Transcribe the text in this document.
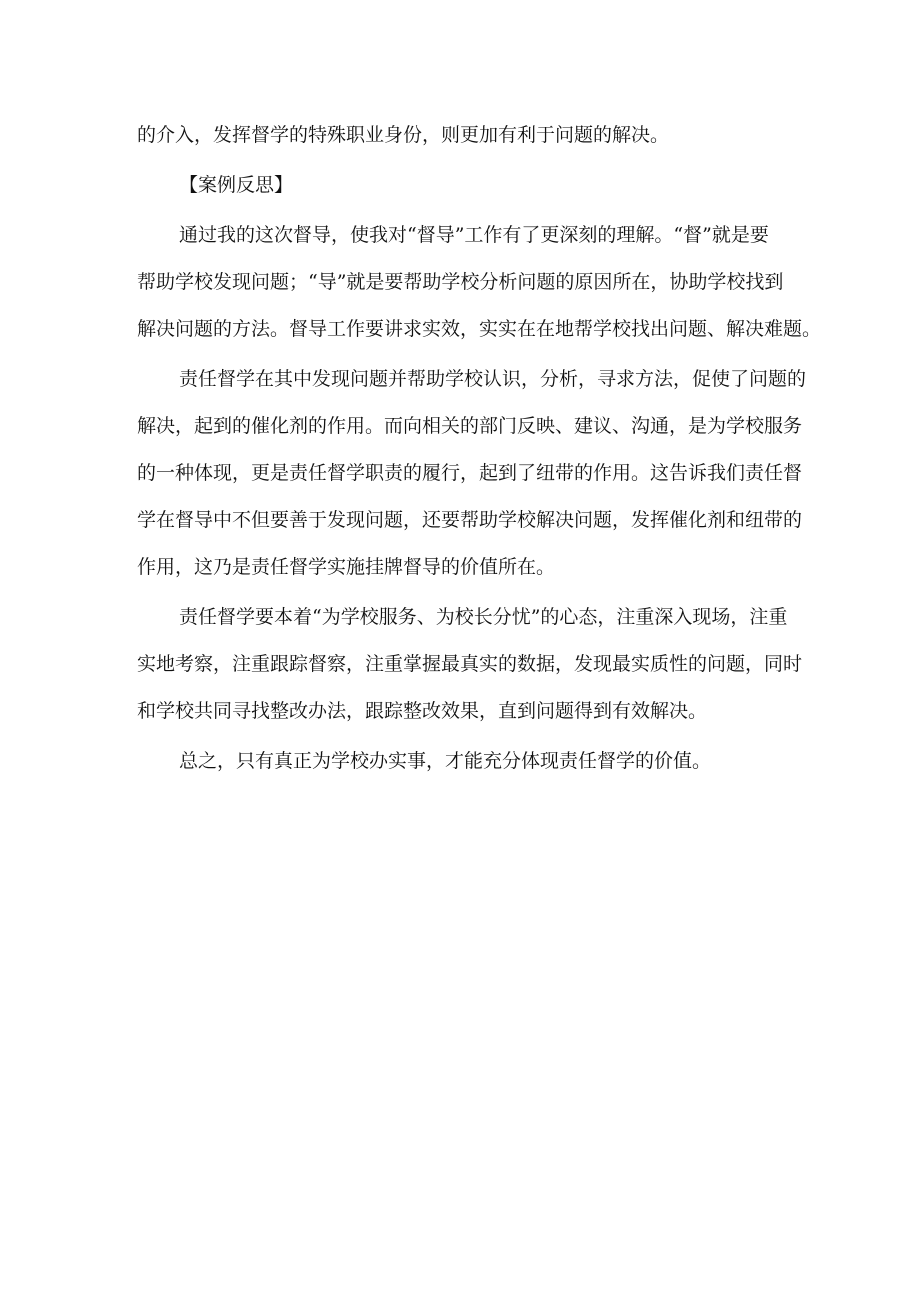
的介入，发挥督学的特殊职业身份，则更加有利于问题的解决。
【案例反思】
通过我的这次督导，使我对“督导”工作有了更深刻的理解。“督”就是要
帮助学校发现问题；“导”就是要帮助学校分析问题的原因所在，协助学校找到
解决问题的方法。督导工作要讲求实效，实实在在地帮学校找出问题、解决难题。
责任督学在其中发现问题并帮助学校认识，分析，寻求方法，促使了问题的
解决，起到的催化剂的作用。而向相关的部门反映、建议、沟通，是为学校服务
的一种体现，更是责任督学职责的履行，起到了纽带的作用。这告诉我们责任督
学在督导中不但要善于发现问题，还要帮助学校解决问题，发挥催化剂和纽带的
作用，这乃是责任督学实施挂牌督导的价值所在。
责任督学要本着“为学校服务、为校长分忧”的心态，注重深入现场，注重
实地考察，注重跟踪督察，注重掌握最真实的数据，发现最实质性的问题，同时
和学校共同寻找整改办法，跟踪整改效果，直到问题得到有效解决。
总之，只有真正为学校办实事，才能充分体现责任督学的价值。
